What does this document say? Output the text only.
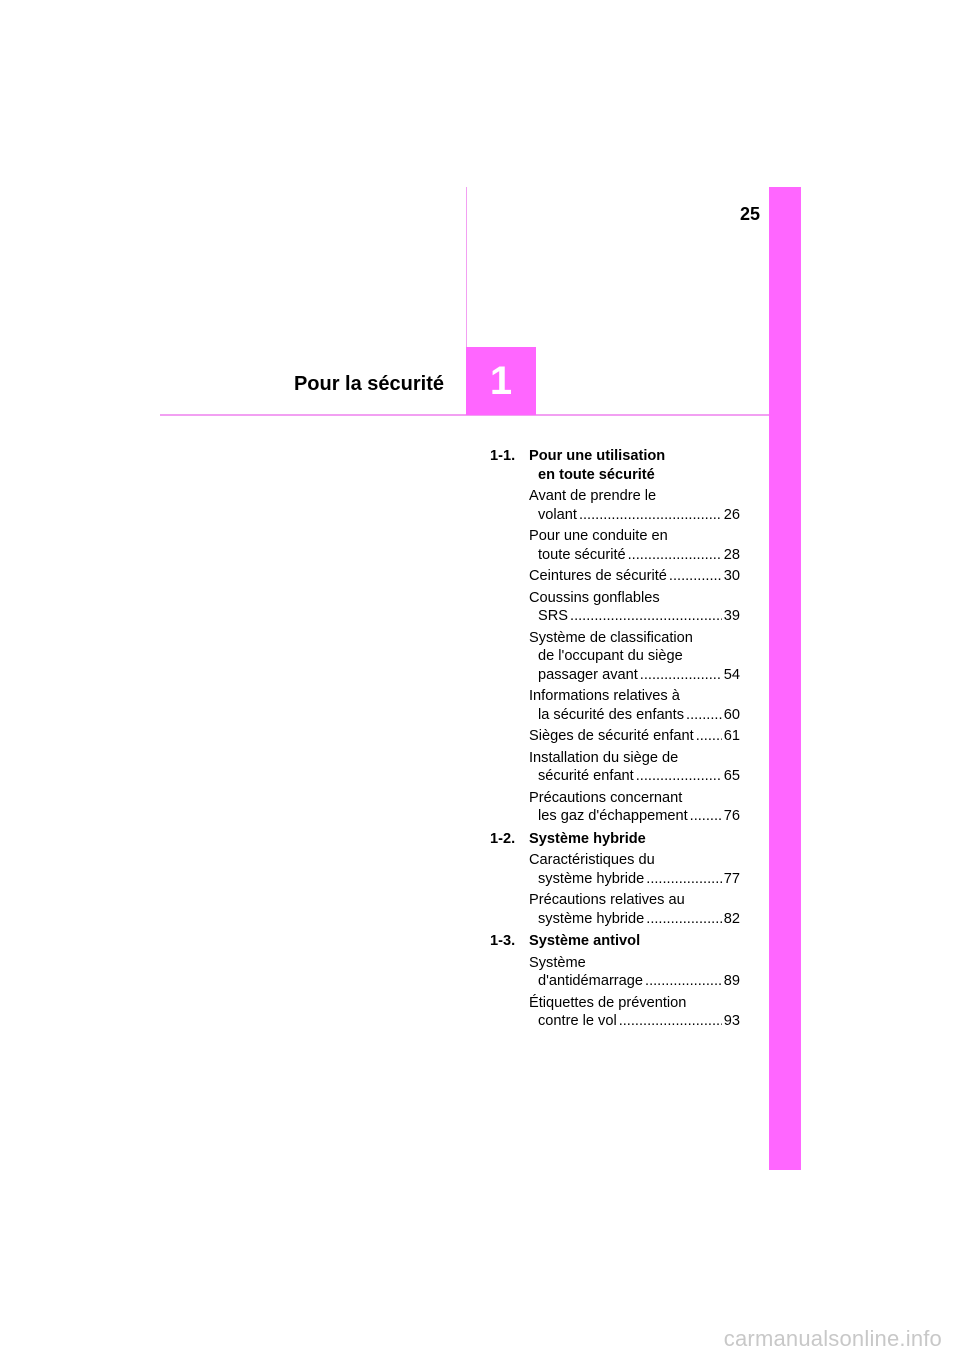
25
Pour la sécurité	1
1-1. Pour une utilisation
en toute sécurité
Avant de prendre le
volant .....	26
Pour une conduite en
toute sécurité .....	28
Ceintures de sécurité .....	30
Coussins gonflables
SRS .....	39
Système de classification
de l'occupant du siège
passager avant .....	54
Informations relatives à
la sécurité des enfants .....	60
Sièges de sécurité enfant ..... 61
Installation du siège de
sécurité enfant .....	65
Précautions concernant
les gaz d'échappement ..... 76
1-2. Système hybride
Caractéristiques du
système hybride .....	77
Précautions relatives au
système hybride .....	82
1-3. Système antivol
Système
d'antidémarrage .....	89
Étiquettes de prévention
contre le vol .....	93
carmanualsonline.info
